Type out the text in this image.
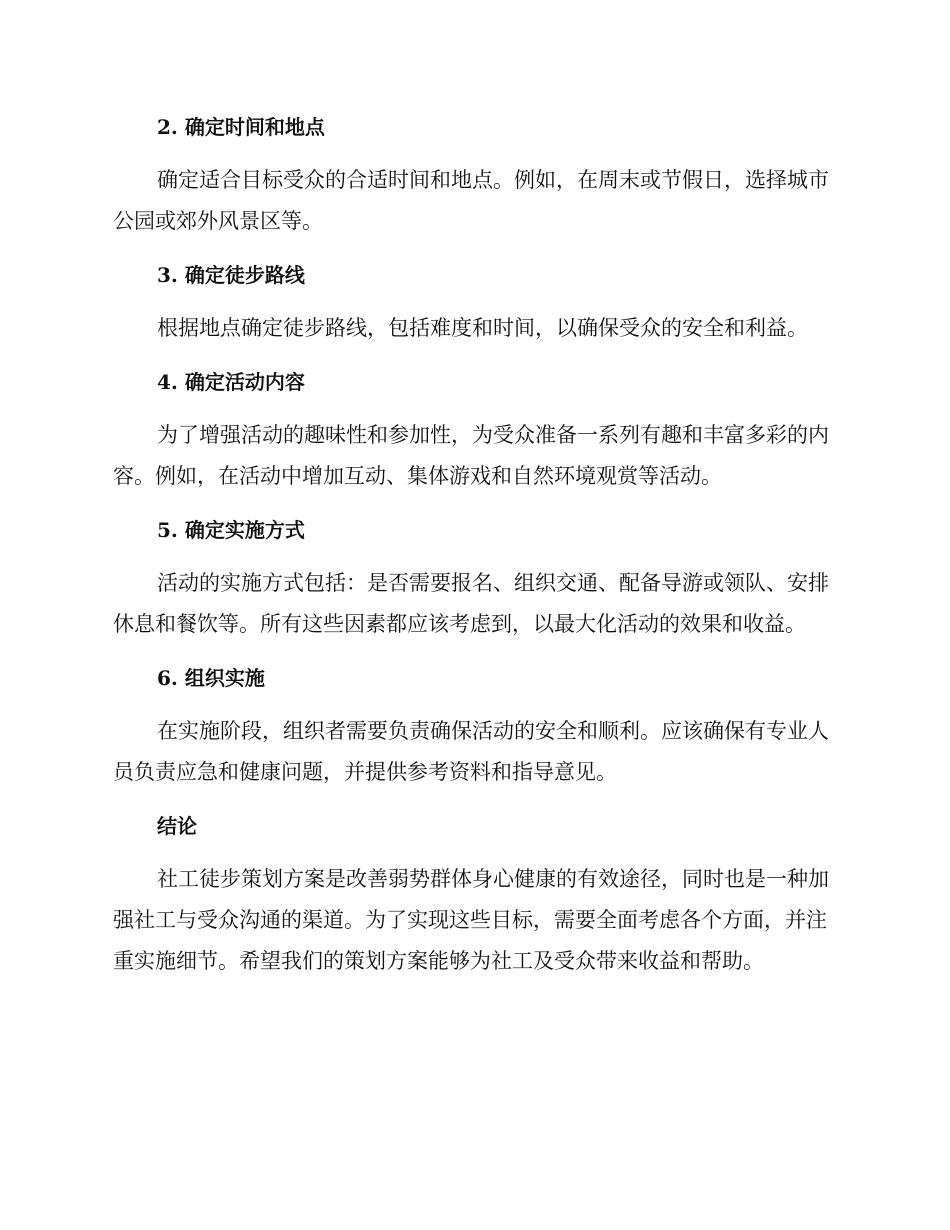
2. 确定时间和地点

确定适合目标受众的合适时间和地点。例如，在周末或节假日，选择城市公园或郊外风景区等。

3. 确定徒步路线

根据地点确定徒步路线，包括难度和时间，以确保受众的安全和利益。

4. 确定活动内容

为了增强活动的趣味性和参加性，为受众准备一系列有趣和丰富多彩的内容。例如，在活动中增加互动、集体游戏和自然环境观赏等活动。

5. 确定实施方式

活动的实施方式包括：是否需要报名、组织交通、配备导游或领队、安排休息和餐饮等。所有这些因素都应该考虑到，以最大化活动的效果和收益。

6. 组织实施

在实施阶段，组织者需要负责确保活动的安全和顺利。应该确保有专业人员负责应急和健康问题，并提供参考资料和指导意见。

结论

社工徒步策划方案是改善弱势群体身心健康的有效途径，同时也是一种加强社工与受众沟通的渠道。为了实现这些目标，需要全面考虑各个方面，并注重实施细节。希望我们的策划方案能够为社工及受众带来收益和帮助。
